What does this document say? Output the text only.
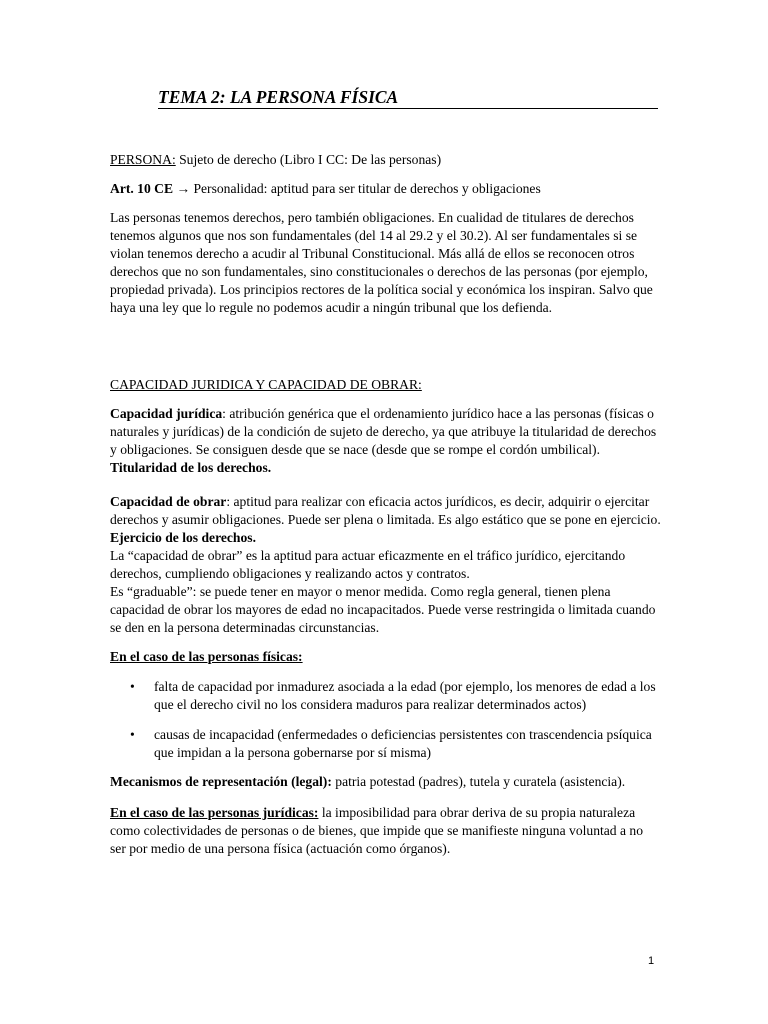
TEMA 2: LA PERSONA FÍSICA
PERSONA: Sujeto de derecho (Libro I CC: De las personas)
Art. 10 CE → Personalidad: aptitud para ser titular de derechos y obligaciones
Las personas tenemos derechos, pero también obligaciones. En cualidad de titulares de derechos tenemos algunos que nos son fundamentales (del 14 al 29.2 y el 30.2). Al ser fundamentales si se violan tenemos derecho a acudir al Tribunal Constitucional. Más allá de ellos se reconocen otros derechos que no son fundamentales, sino constitucionales o derechos de las personas (por ejemplo, propiedad privada). Los principios rectores de la política social y económica los inspiran. Salvo que haya una ley que lo regule no podemos acudir a ningún tribunal que los defienda.
CAPACIDAD JURIDICA Y CAPACIDAD DE OBRAR:
Capacidad jurídica: atribución genérica que el ordenamiento jurídico hace a las personas (físicas o naturales y jurídicas) de la condición de sujeto de derecho, ya que atribuye la titularidad de derechos y obligaciones. Se consiguen desde que se nace (desde que se rompe el cordón umbilical). Titularidad de los derechos.
Capacidad de obrar: aptitud para realizar con eficacia actos jurídicos, es decir, adquirir o ejercitar derechos y asumir obligaciones. Puede ser plena o limitada. Es algo estático que se pone en ejercicio. Ejercicio de los derechos.
La “capacidad de obrar” es la aptitud para actuar eficazmente en el tráfico jurídico, ejercitando derechos, cumpliendo obligaciones y realizando actos y contratos.
Es “graduable”: se puede tener en mayor o menor medida. Como regla general, tienen plena capacidad de obrar los mayores de edad no incapacitados. Puede verse restringida o limitada cuando se den en la persona determinadas circunstancias.
En el caso de las personas físicas:
• falta de capacidad por inmadurez asociada a la edad (por ejemplo, los menores de edad a los que el derecho civil no los considera maduros para realizar determinados actos)
• causas de incapacidad (enfermedades o deficiencias persistentes con trascendencia psíquica que impidan a la persona gobernarse por sí misma)
Mecanismos de representación (legal): patria potestad (padres), tutela y curatela (asistencia).
En el caso de las personas jurídicas: la imposibilidad para obrar deriva de su propia naturaleza como colectividades de personas o de bienes, que impide que se manifieste ninguna voluntad a no ser por medio de una persona física (actuación como órganos).
1
